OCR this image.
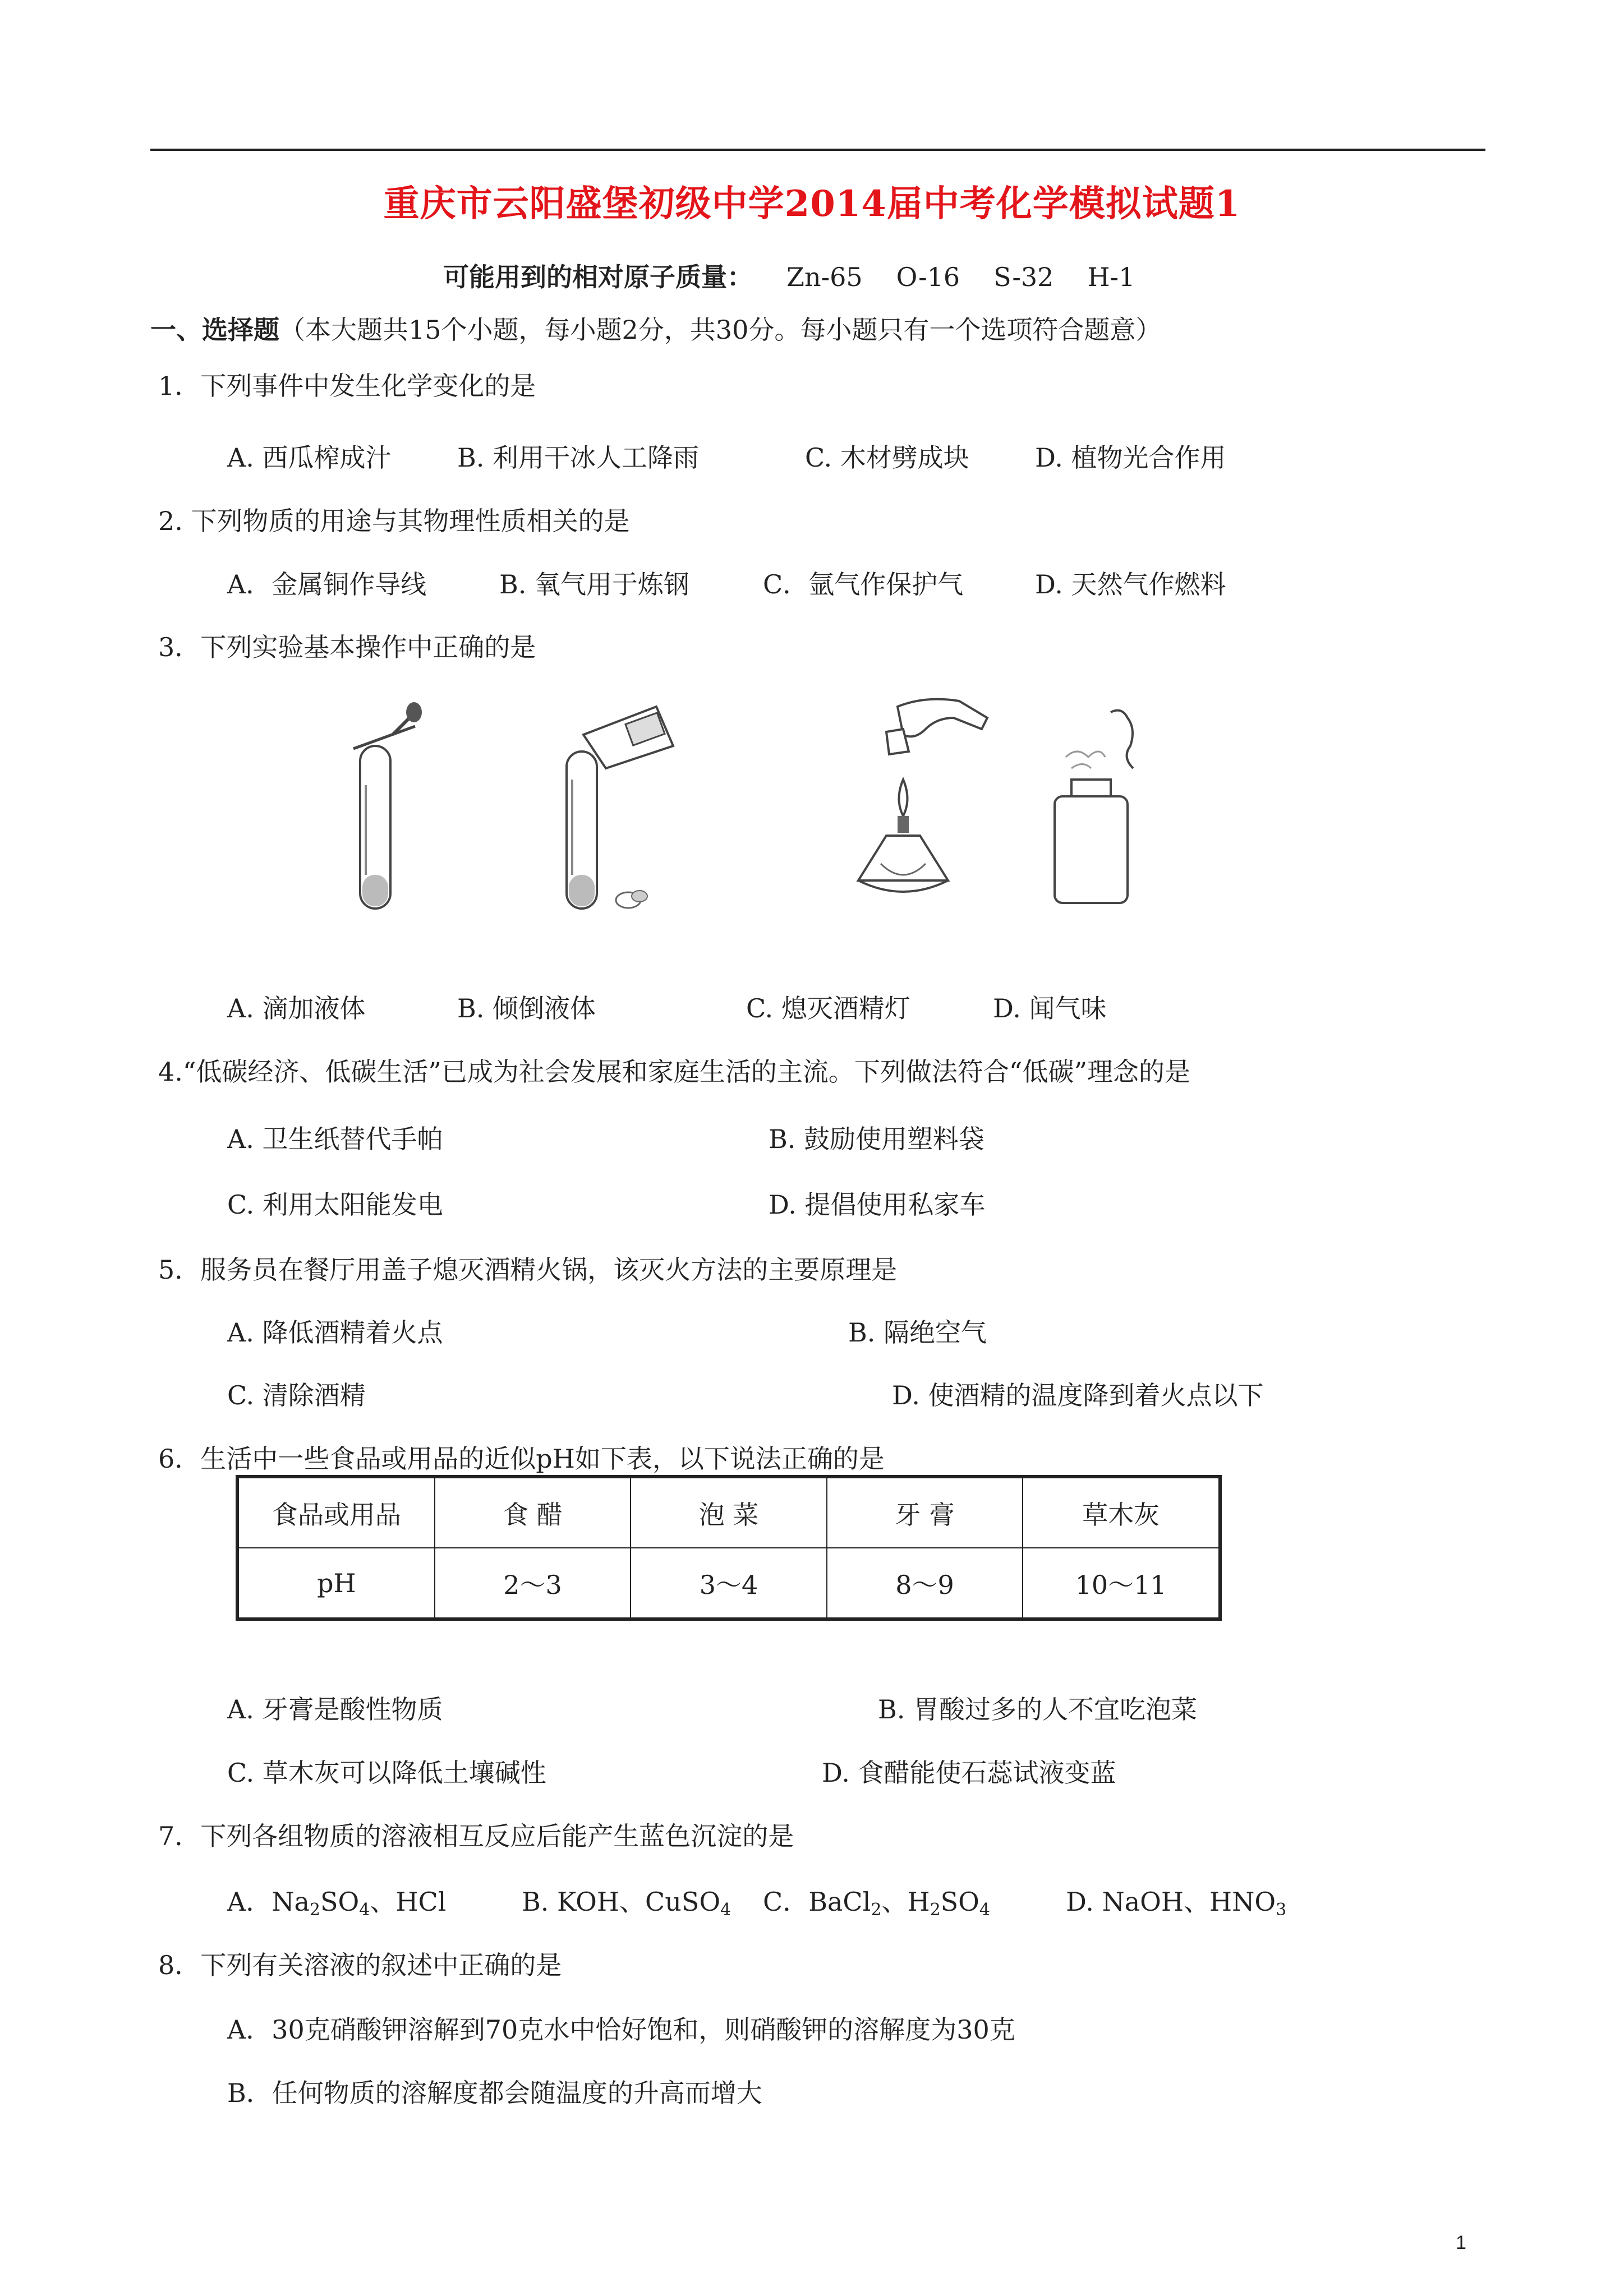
重庆市云阳盛堡初级中学2014届中考化学模拟试题1
可能用到的相对原子质量： Zn-65 O-16 S-32 H-1
一、选择题（本大题共15个小题，每小题2分，共30分。每小题只有一个选项符合题意）
1．下列事件中发生化学变化的是
A. 西瓜榨成汁	B. 利用干冰人工降雨	C. 木材劈成块	D. 植物光合作用
2. 下列物质的用途与其物理性质相关的是
A．金属铜作导线	B. 氧气用于炼钢	C．氩气作保护气	D. 天然气作燃料
3．下列实验基本操作中正确的是
A. 滴加液体	B. 倾倒液体	C. 熄灭酒精灯	D. 闻气味
4.“低碳经济、低碳生活”已成为社会发展和家庭生活的主流。下列做法符合“低碳”理念的是
A. 卫生纸替代手帕	B. 鼓励使用塑料袋
C. 利用太阳能发电	D. 提倡使用私家车
5．服务员在餐厅用盖子熄灭酒精火锅，该灭火方法的主要原理是
A. 降低酒精着火点	B. 隔绝空气
C. 清除酒精	D. 使酒精的温度降到着火点以下
6．生活中一些食品或用品的近似pH如下表，以下说法正确的是
食品或用品	食 醋	泡 菜	牙 膏	草木灰
pH	2～3	3～4	8～9	10～11
A. 牙膏是酸性物质	B. 胃酸过多的人不宜吃泡菜
C. 草木灰可以降低土壤碱性	D. 食醋能使石蕊试液变蓝
7．下列各组物质的溶液相互反应后能产生蓝色沉淀的是
A．$Na_2SO_4$、HCl	B. KOH、CuSO$_4$ C．BaCl$_2$、$H_2SO_4$	D. NaOH、$HNO_3$
8．下列有关溶液的叙述中正确的是
A．30克硝酸钾溶解到70克水中恰好饱和，则硝酸钾的溶解度为30克
B．任何物质的溶解度都会随温度的升高而增大
1
